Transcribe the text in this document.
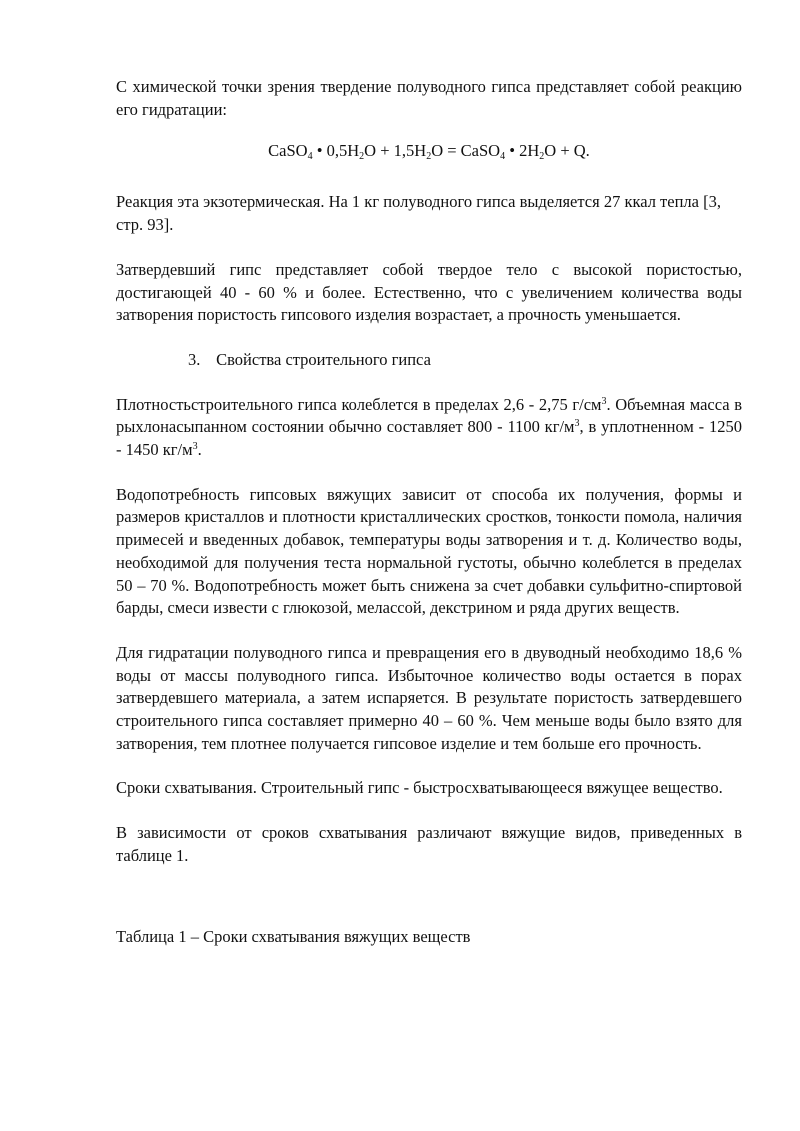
С химической точки зрения твердение полуводного гипса представляет собой реакцию его гидратации:

CaSO$_4$ • $0,5H_2O + 1,5H_2O$ = CaSO$_4$ • $2H_2O + Q$.

Реакция эта экзотермическая. На 1 кг полуводного гипса выделяется 27 ккал тепла [3, стр. 93].

Затвердевший гипс представляет собой твердое тело с высокой пористостью, достигающей 40 - 60 % и более. Естественно, что с увеличением количества воды затворения пористость гипсового изделия возрастает, а прочность уменьшается.

3. Свойства строительного гипса

Плотностьстроительного гипса колеблется в пределах 2,6 - 2,75 $г/см^3$. Объемная масса в рыхлонасыпанном состоянии обычно составляет 800 - 1100 $кг/м^3$, в уплотненном - 1250 - 1450 $кг/м^3$.

Водопотребность гипсовых вяжущих зависит от способа их получения, формы и размеров кристаллов и плотности кристаллических сростков, тонкости помола, наличия примесей и введенных добавок, температуры воды затворения и т. д. Количество воды, необходимой для получения теста нормальной густоты, обычно колеблется в пределах 50 – 70 %. Водопотребность может быть снижена за счет добавки сульфитно-спиртовой барды, смеси извести с глюкозой, мелассой, декстрином и ряда других веществ.

Для гидратации полуводного гипса и превращения его в двуводный необходимо 18,6 % воды от массы полуводного гипса. Избыточное количество воды остается в порах затвердевшего материала, а затем испаряется. В результате пористость затвердевшего строительного гипса составляет примерно 40 – 60 %. Чем меньше воды было взято для затворения, тем плотнее получается гипсовое изделие и тем больше его прочность.

Сроки схватывания. Строительный гипс - быстросхватывающееся вяжущее вещество.

В зависимости от сроков схватывания различают вяжущие видов, приведенных в таблице 1.

Таблица 1 – Сроки схватывания вяжущих веществ
